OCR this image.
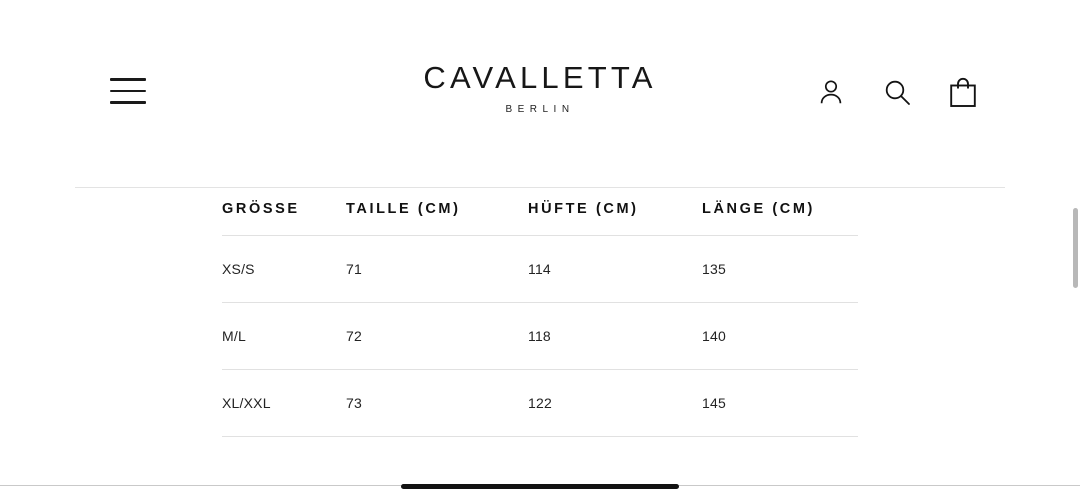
CAVALLETTA
BERLIN
GRÖSSE	TAILLE (CM)	HÜFTE (CM)	LÄNGE (CM)
XS/S	71	114	135
M/L	72	118	140
XL/XXL	73	122	145
